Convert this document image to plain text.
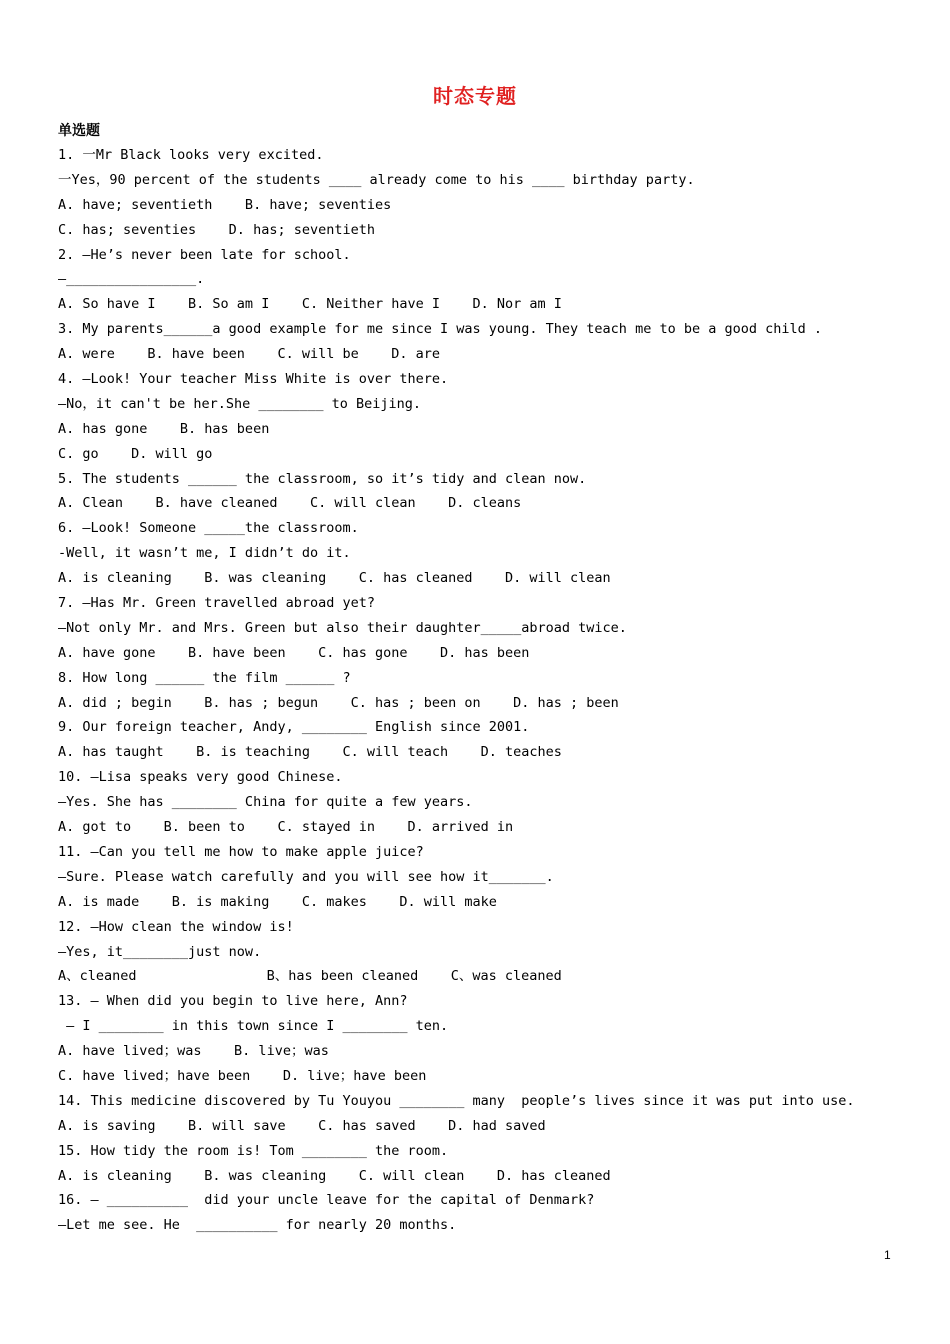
时态专题
单选题
1. 一Mr Black looks very excited.
一Yes，90 percent of the students ____ already come to his ____ birthday party.
A. have; seventieth    B. have; seventies
C. has; seventies    D. has; seventieth
2. —He’s never been late for school.
—________________.
A. So have I    B. So am I    C. Neither have I    D. Nor am I
3. My parents______a good example for me since I was young. They teach me to be a good child .
A. were    B. have been    C. will be    D. are
4. —Look! Your teacher Miss White is over there.
—No，it can't be her.She ________ to Beijing.
A. has gone    B. has been
C. go    D. will go
5. The students ______ the classroom, so it’s tidy and clean now.
A. Clean    B. have cleaned    C. will clean    D. cleans
6. –Look! Someone _____the classroom.
-Well, it wasn’t me, I didn’t do it.
A. is cleaning    B. was cleaning    C. has cleaned    D. will clean
7. —Has Mr. Green travelled abroad yet?
—Not only Mr. and Mrs. Green but also their daughter_____abroad twice.
A. have gone    B. have been    C. has gone    D. has been
8. How long ______ the film ______ ?
A. did ; begin    B. has ; begun    C. has ; been on    D. has ; been
9. Our foreign teacher, Andy, ________ English since 2001.
A. has taught    B. is teaching    C. will teach    D. teaches
10. —Lisa speaks very good Chinese.
—Yes. She has ________ China for quite a few years.
A. got to    B. been to    C. stayed in    D. arrived in
11. —Can you tell me how to make apple juice?
—Sure. Please watch carefully and you will see how it_______.
A. is made    B. is making    C. makes    D. will make
12. —How clean the window is!
—Yes, it________just now.
A、cleaned                B、has been cleaned    C、was cleaned
13. — When did you begin to live here, Ann?
— I ________ in this town since I ________ ten.
A. have lived；was    B. live；was
C. have lived；have been    D. live；have been
14. This medicine discovered by Tu Youyou ________ many  people’s lives since it was put into use.
A. is saving    B. will save    C. has saved    D. had saved
15. How tidy the room is! Tom ________ the room.
A. is cleaning    B. was cleaning    C. will clean    D. has cleaned
16. — __________  did your uncle leave for the capital of Denmark?
—Let me see. He  __________ for nearly 20 months.
1
